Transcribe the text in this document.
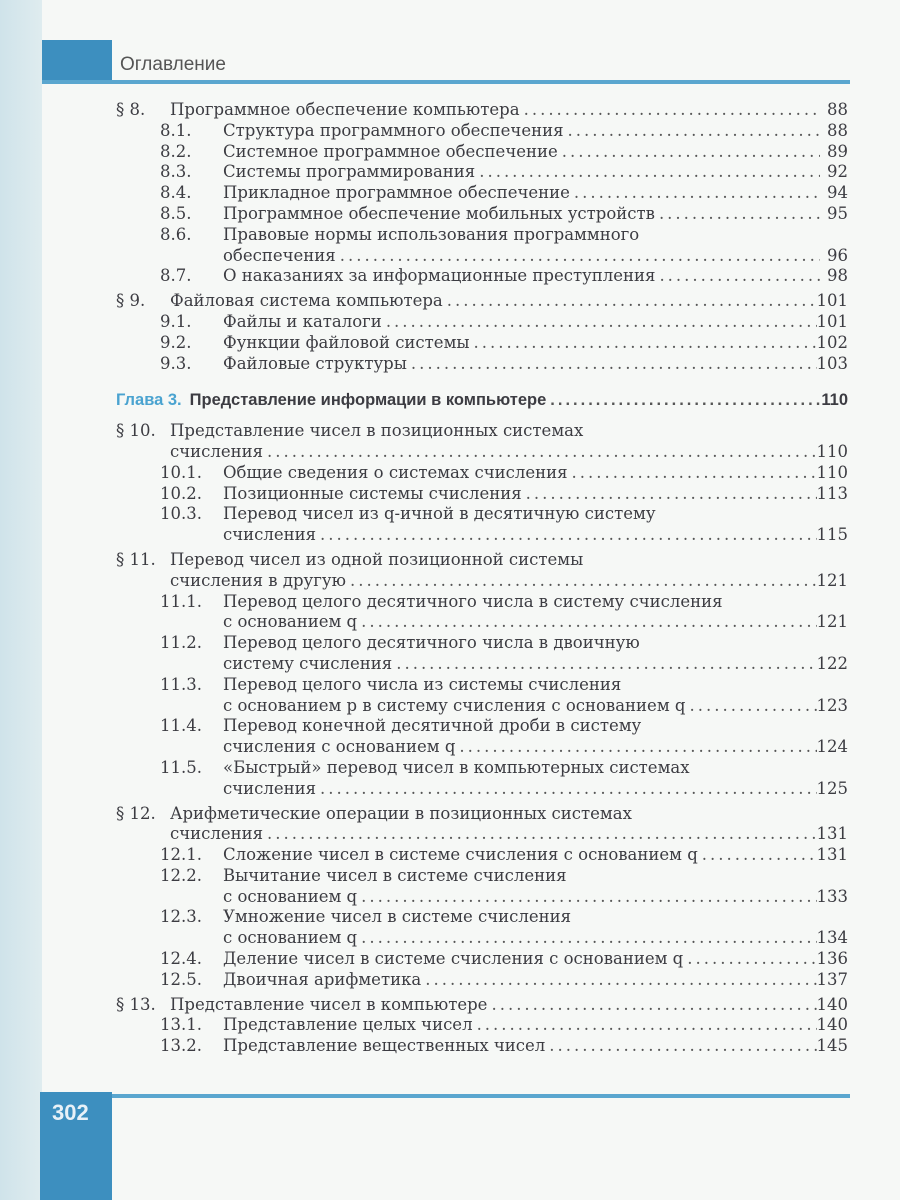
Оглавление
302
§ 8.	Программное обеспечение компьютера .....	88
8.1.	Структура программного обеспечения .....	88
8.2.	Системное программное обеспечение .....	89
8.3.	Системы программирования .....	92
8.4.	Прикладное программное обеспечение .....	94
8.5.	Программное обеспечение мобильных устройств .....	95
8.6.	Правовые нормы использования программного
обеспечения .....	96
8.7.	О наказаниях за информационные преступления .....	98
§ 9.	Файловая система компьютера .....	101
9.1.	Файлы и каталоги .....	101
9.2.	Функции файловой системы .....	102
9.3.	Файловые структуры .....	103
Глава 3. Представление информации в компьютере .....	110
§ 10. Представление чисел в позиционных системах
счисления .....	110
10.1.	Общие сведения о системах счисления .....	110
10.2.	Позиционные системы счисления .....	113
10.3.	Перевод чисел из q-ичной в десятичную систему
счисления .....	115
§ 11. Перевод чисел из одной позиционной системы
счисления в другую .....	121
11.1.	Перевод целого десятичного числа в систему счисления
с основанием q .....	121
11.2.	Перевод целого десятичного числа в двоичную
систему счисления .....	122
11.3.	Перевод целого числа из системы счисления
с основанием p в систему счисления с основанием q .....	123
11.4.	Перевод конечной десятичной дроби в систему
счисления с основанием q .....	124
11.5.	«Быстрый» перевод чисел в компьютерных системах
счисления .....	125
§ 12. Арифметические операции в позиционных системах
счисления .....	131
12.1.	Сложение чисел в системе счисления с основанием q .....	131
12.2.	Вычитание чисел в системе счисления
с основанием q .....	133
12.3.	Умножение чисел в системе счисления
с основанием q .....	134
12.4.	Деление чисел в системе счисления с основанием q .....	136
12.5.	Двоичная арифметика .....	137
§ 13. Представление чисел в компьютере .....	140
13.1.	Представление целых чисел .....	140
13.2.	Представление вещественных чисел .....	145
